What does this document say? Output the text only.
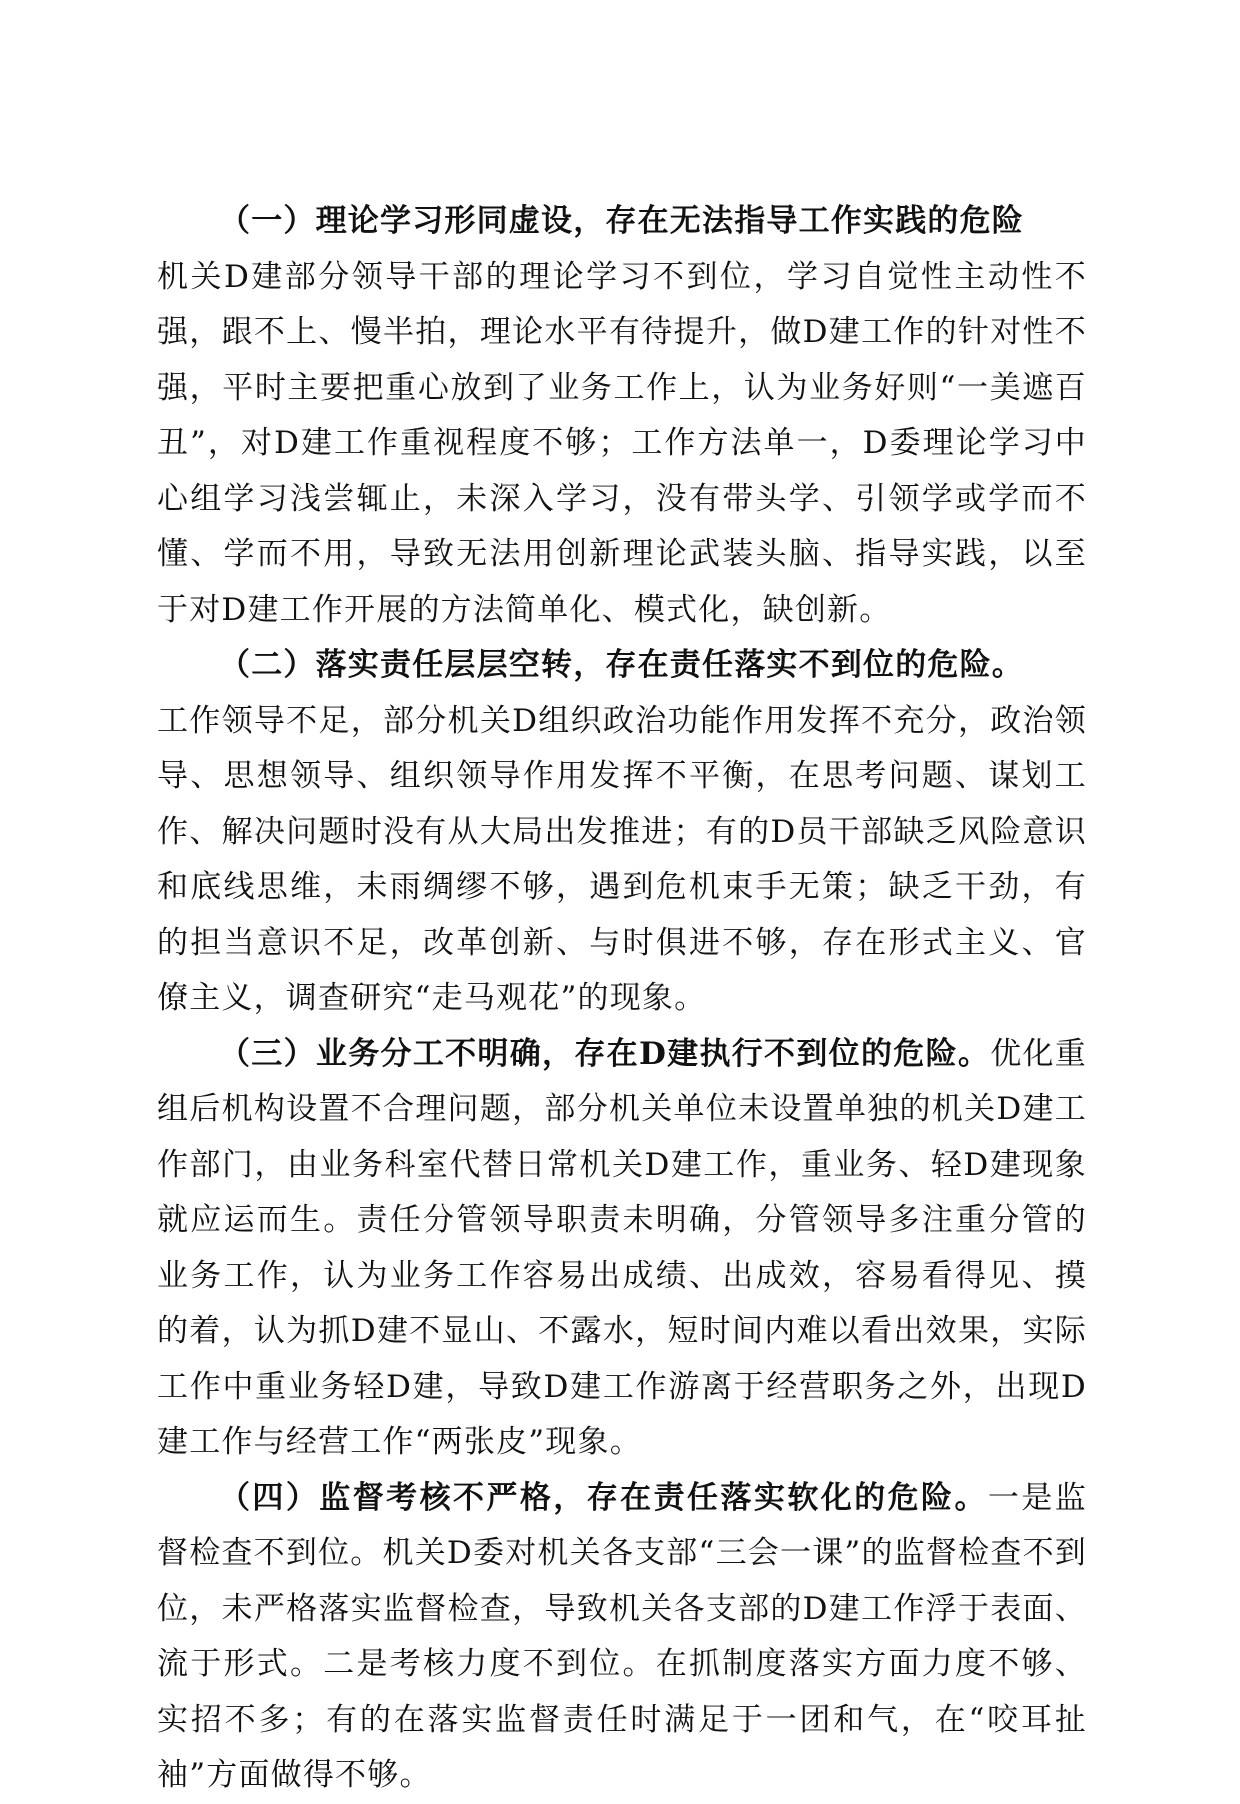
（一）理论学习形同虚设，存在无法指导工作实践的危险
机关D建部分领导干部的理论学习不到位，学习自觉性主动性不强，跟不上、慢半拍，理论水平有待提升，做D建工作的针对性不强，平时主要把重心放到了业务工作上，认为业务好则“一美遮百丑”，对D建工作重视程度不够；工作方法单一，D委理论学习中心组学习浅尝辄止，未深入学习，没有带头学、引领学或学而不懂、学而不用，导致无法用创新理论武装头脑、指导实践，以至于对D建工作开展的方法简单化、模式化，缺创新。
（二）落实责任层层空转，存在责任落实不到位的危险。
工作领导不足，部分机关D组织政治功能作用发挥不充分，政治领导、思想领导、组织领导作用发挥不平衡，在思考问题、谋划工作、解决问题时没有从大局出发推进；有的D员干部缺乏风险意识和底线思维，未雨绸缪不够，遇到危机束手无策；缺乏干劲，有的担当意识不足，改革创新、与时俱进不够，存在形式主义、官僚主义，调查研究“走马观花”的现象。
（三）业务分工不明确，存在D建执行不到位的危险。优化重组后机构设置不合理问题，部分机关单位未设置单独的机关D建工作部门，由业务科室代替日常机关D建工作，重业务、轻D建现象就应运而生。责任分管领导职责未明确，分管领导多注重分管的业务工作，认为业务工作容易出成绩、出成效，容易看得见、摸的着，认为抓D建不显山、不露水，短时间内难以看出效果，实际工作中重业务轻D建，导致D建工作游离于经营职务之外，出现D建工作与经营工作“两张皮”现象。
（四）监督考核不严格，存在责任落实软化的危险。一是监督检查不到位。机关D委对机关各支部“三会一课”的监督检查不到位，未严格落实监督检查，导致机关各支部的D建工作浮于表面、流于形式。二是考核力度不到位。在抓制度落实方面力度不够、实招不多；有的在落实监督责任时满足于一团和气，在“咬耳扯袖”方面做得不够。
